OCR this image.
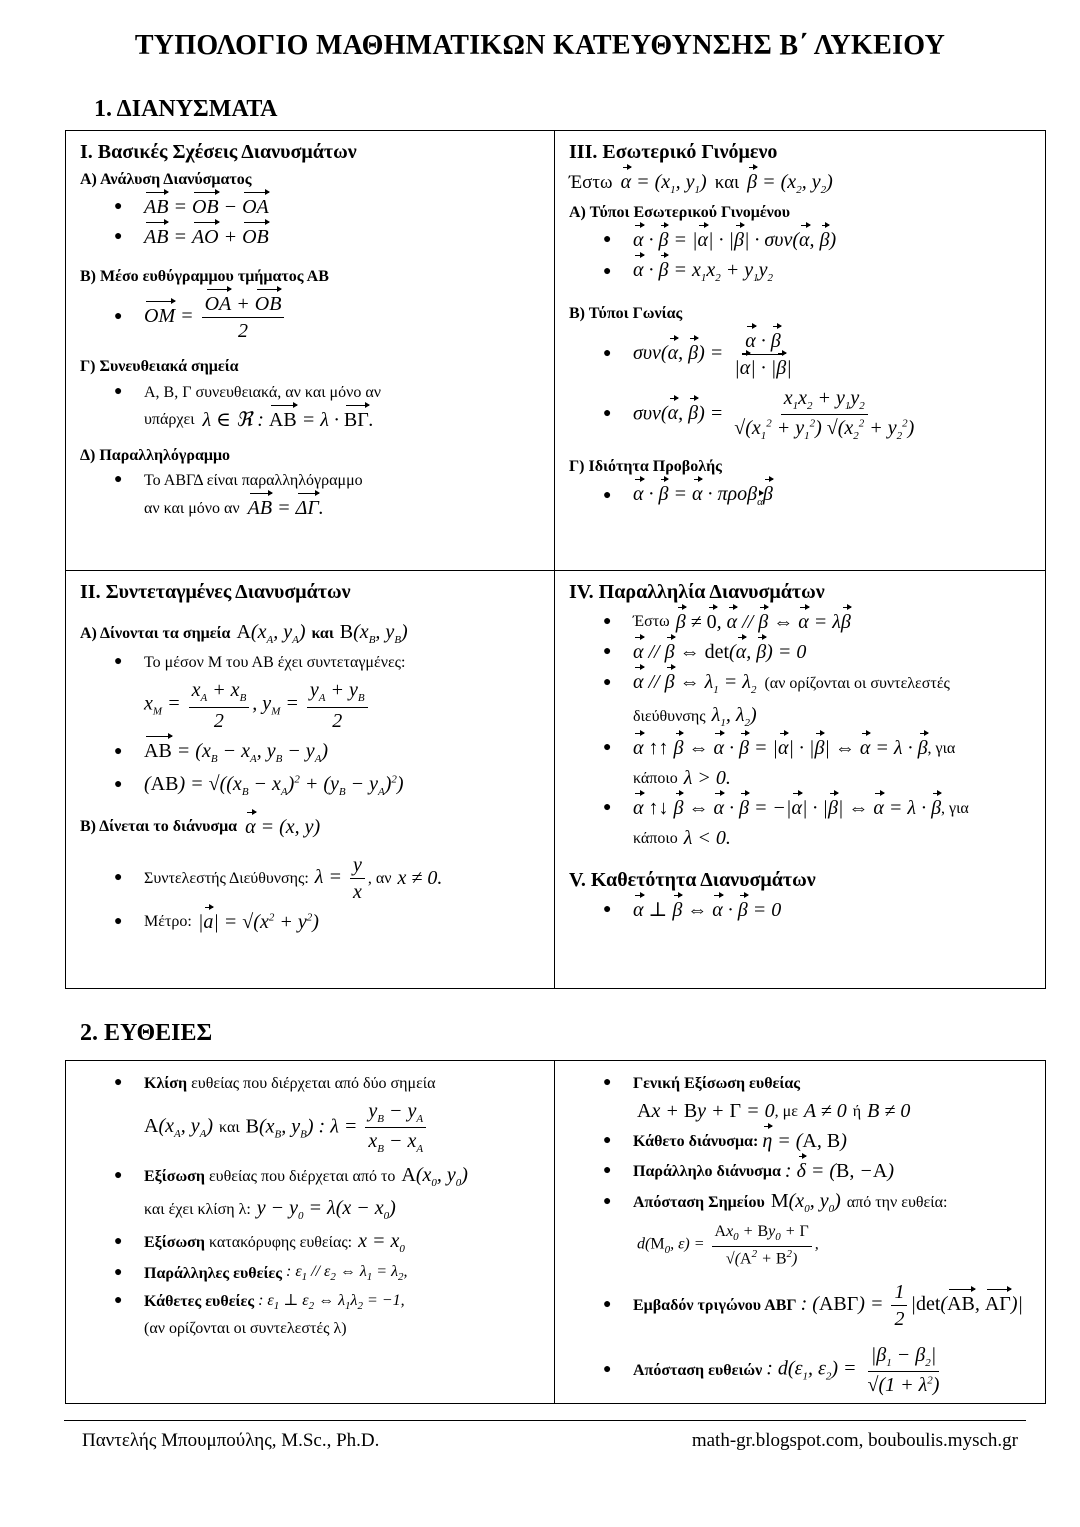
ΤΥΠΟΛΟΓΙΟ ΜΑΘΗΜΑΤΙΚΩΝ ΚΑΤΕΥΘΥΝΣΗΣ Β΄ ΛΥΚΕΙΟΥ
1. ΔΙΑΝΥΣΜΑΤΑ
I. Βασικές Σχέσεις Διανυσμάτων
Α) Ανάλυση Διανύσματος
●	AB = OB − OA
●	AB = AO + OB
Β) Μέσο ευθύγραμμου τμήματος ΑΒ
●	OM = $\frac{OA + OB}{2}$
Γ) Συνευθειακά σημεία
●	Α, Β, Γ συνευθειακά, αν και μόνο αν
υπάρχει λ ∈ ℜ : AB = λ · ΒΓ.
Δ) Παραλληλόγραμμο
●	Το ΑΒΓΔ είναι παραλληλόγραμμο
αν και μόνο αν AB = ΔΓ.
III. Εσωτερικό Γινόμενο
Έστω $\alpha = (x_1$, $y_1$) και $\beta = (x_2$, $y_2$)
Α) Τύποι Εσωτερικού Γινομένου
●	α · β = |α| · |β| · συν(α, β)
●	$\alpha \cdot \beta = x_1x_2 + y_1y_2$
Β) Τύποι Γωνίας
●	συν(α, $\beta) = \frac{\alpha \cdot \beta}{|\alpha| \cdot |\beta|}$
●	συν(α, $\beta) = \frac{x_1x_2 + y_1y_2}{√(x_1^2 + y_1^2) √(x_2^2 + y_2^2)}$
Γ) Ιδιότητα Προβολής
●	α · β = α · προβ$_\alpha$β
II. Συντεταγμένες Διανυσμάτων
Α) Δίνονται τα σημεία $A(x_A$, $y_A$) και $B(x_B$, $y_B$)
●	Το μέσον Μ του ΑΒ έχει συντεταγμένες:
$x_M = \frac{x_A + x_B}{2}$ , $y_M = \frac{y_A + y_B}{2}$
●	AB = ($x_B - x_A$, $y_B - y_A$)
●	$(AB) = √((x_B - x_A)^2 + (y_B - y_A)^2)$
Β) Δίνεται το διάνυσμα α = (x, y)
●	Συντελεστής Διεύθυνσης: $\lambda = \frac{y}{x}$ , αν x ≠ 0.
●	Μέτρο: $|a| = √(x^2 + y^2)$
IV. Παραλληλία Διανυσμάτων
●	Έστω β ≠ 0, α // β ⇔ α = λβ
●	α // β ⇔ det(α, β) = 0
●	α // β ⇔ $\lambda_1 = \lambda_2$ (αν ορίζονται οι συντελεστές
διεύθυνσης $\lambda_1$, $\lambda_2$)
●	α ↑↑ β ⇔ α · β = |α| · |β| ⇔ α = λ · β , για
κάποιο λ > 0.
●	α ↑↓ β ⇔ α · β = −|α| · |β| ⇔ α = λ · β , για
κάποιο λ < 0.
V. Καθετότητα Διανυσμάτων
●	α ⊥ β ⇔ α · β = 0
2. ΕΥΘΕΙΕΣ
●	Κλίση ευθείας που διέρχεται από δύο σημεία
$A(x_A$, $y_A$) και $B(x_B$, $y_B$) : $\lambda = \frac{y_B - y_A}{x_B - x_A}$
●	Εξίσωση ευθείας που διέρχεται από το $A(x_0$, $y_0$)
και έχει κλίση λ: $y - y_0 = \lambda(x - x_0)$
●	Εξίσωση κατακόρυφης ευθείας: $x = x_0$
●	Παράλληλες ευθείες : $\varepsilon_1 // \varepsilon_2$ ⇔ $\lambda_1 = \lambda_2$,
●	Κάθετες ευθείες : $\varepsilon_1$ ⊥ $\varepsilon_2$ ⇔ $\lambda_1\lambda_2 = -1$,
(αν ορίζονται οι συντελεστές λ)
●	Γενική Εξίσωση ευθείας
Ax + By + Γ = 0 , με A ≠ 0 ή B ≠ 0
●	Κάθετο διάνυσμα: η = (A, B)
●	Παράλληλο διάνυσμα : δ = (B, −A)
●	Απόσταση Σημείου $M(x_0$, $y_0$) από την ευθεία:
$d(M_0$, $\varepsilon) = \frac{Ax_0 + By_0 + \Gamma}{√(A^2 + B^2)}$ ,
●	Εμβαδόν τριγώνου ΑΒΓ : $(AB\Gamma) = \frac{1}{2} |\det(AB$, ΑΓ)|
●	Απόσταση ευθειών : $d(\varepsilon_1$, $\varepsilon_2) = \frac{|\beta_1 - \beta_2|}{√(1 + \lambda^2)}$
Παντελής Μπουμπούλης, M.Sc., Ph.D.	math-gr.blogspot.com, bouboulis.mysch.gr
